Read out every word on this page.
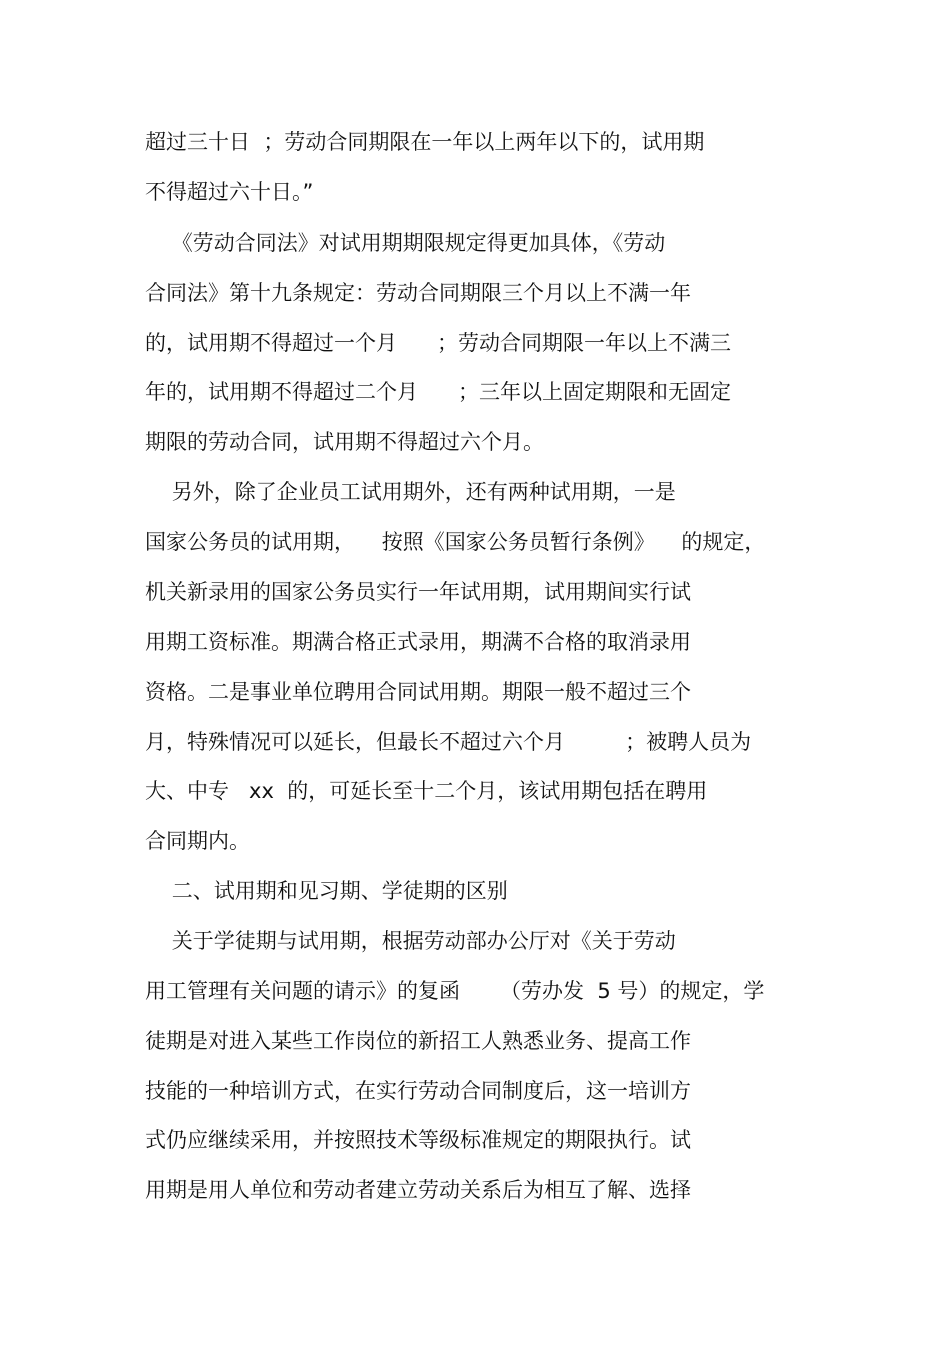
超过三十日  ；劳动合同期限在一年以上两年以下的，试用期
不得超过六十日。”
《劳动合同法》对试用期期限规定得更加具体，《劳动
合同法》第十九条规定：劳动合同期限三个月以上不满一年
的，试用期不得超过一个月      ；劳动合同期限一年以上不满三
年的，试用期不得超过二个月      ；三年以上固定期限和无固定
期限的劳动合同，试用期不得超过六个月。
另外，除了企业员工试用期外，还有两种试用期，一是
国家公务员的试用期，    按照《国家公务员暂行条例》    的规定，
机关新录用的国家公务员实行一年试用期，试用期间实行试
用期工资标准。期满合格正式录用，期满不合格的取消录用
资格。二是事业单位聘用合同试用期。期限一般不超过三个
月，特殊情况可以延长，但最长不超过六个月         ；被聘人员为
大、中专   xx  的，可延长至十二个月，该试用期包括在聘用
合同期内。
二、试用期和见习期、学徒期的区别
关于学徒期与试用期，根据劳动部办公厅对《关于劳动
用工管理有关问题的请示》的复函      （劳办发  5 号）的规定，学
徒期是对进入某些工作岗位的新招工人熟悉业务、提高工作
技能的一种培训方式，在实行劳动合同制度后，这一培训方
式仍应继续采用，并按照技术等级标准规定的期限执行。试
用期是用人单位和劳动者建立劳动关系后为相互了解、选择
